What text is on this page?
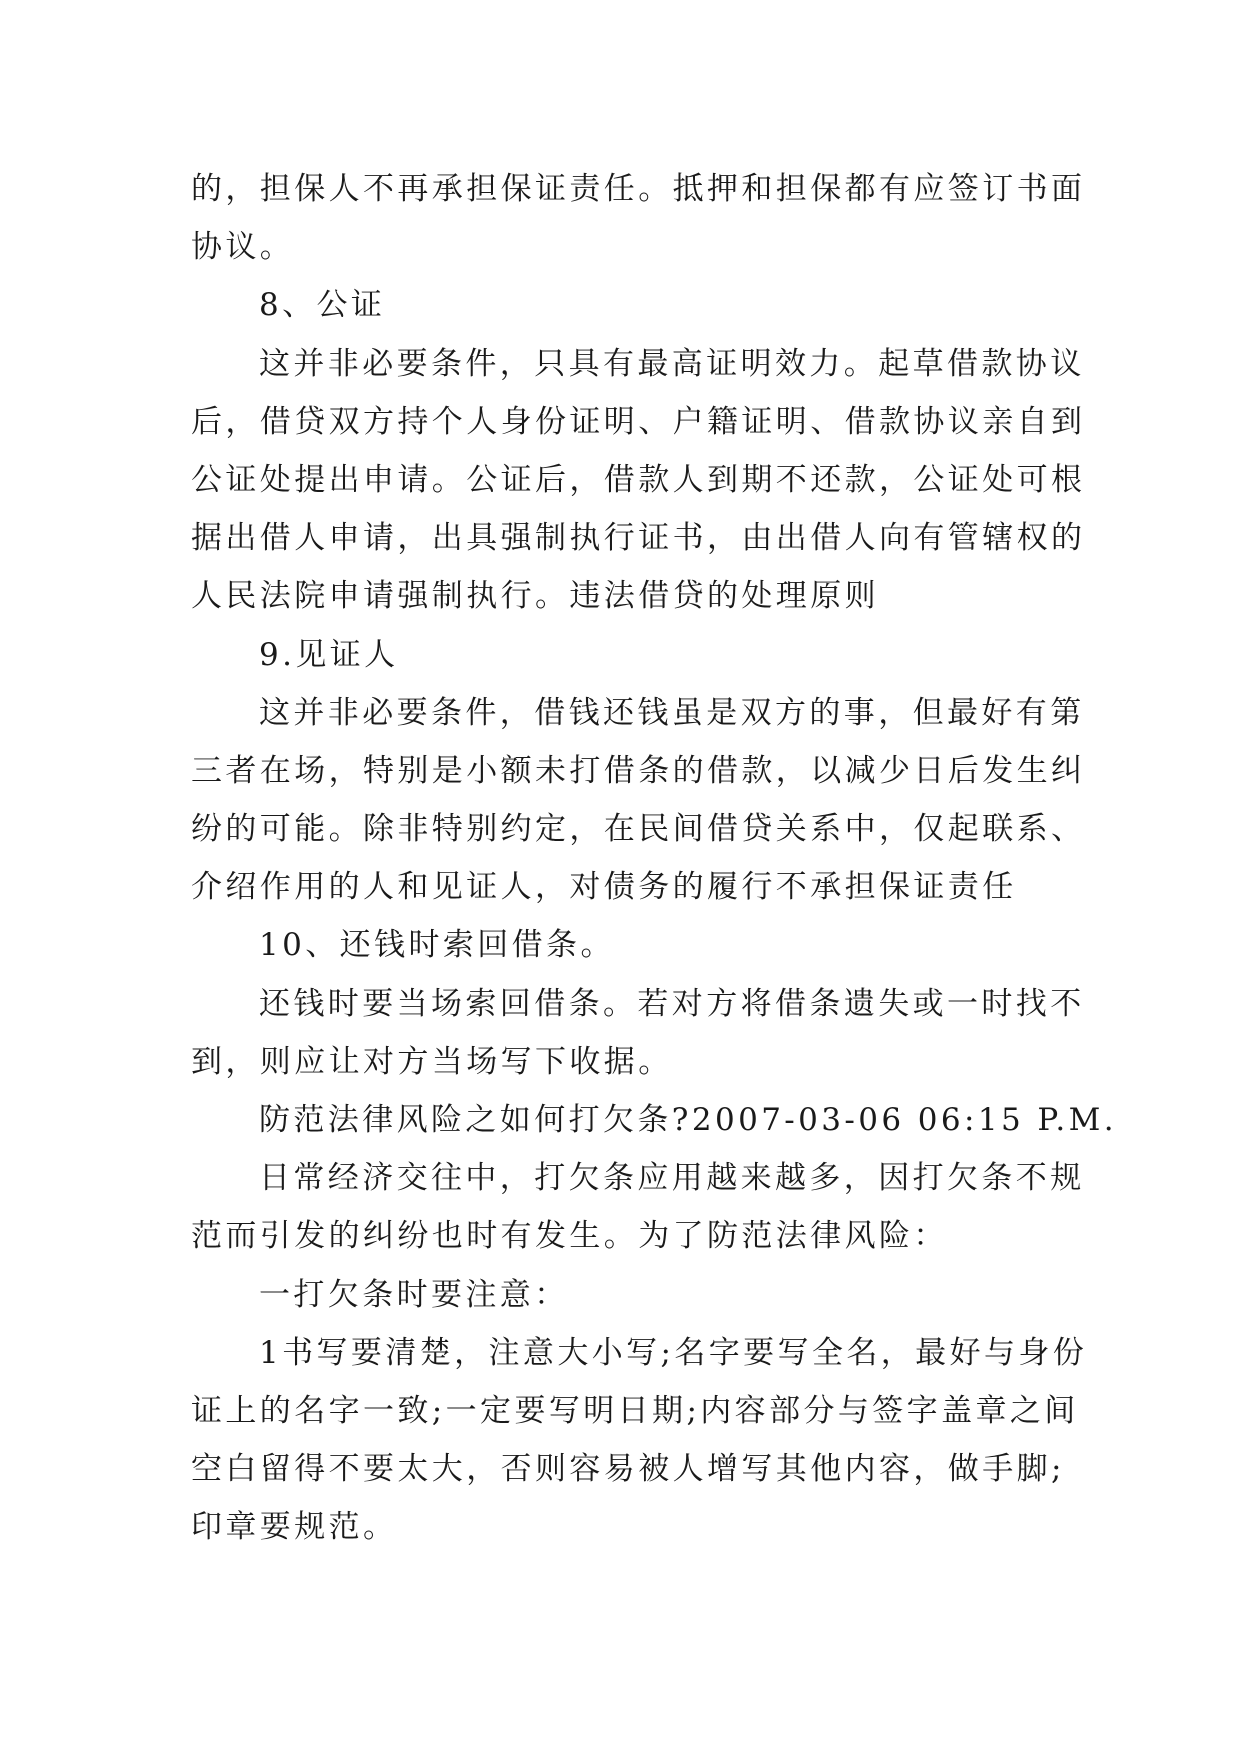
的，担保人不再承担保证责任。抵押和担保都有应签订书面
协议。
8、公证
这并非必要条件，只具有最高证明效力。起草借款协议
后，借贷双方持个人身份证明、户籍证明、借款协议亲自到
公证处提出申请。公证后，借款人到期不还款，公证处可根
据出借人申请，出具强制执行证书，由出借人向有管辖权的
人民法院申请强制执行。违法借贷的处理原则
9.见证人
这并非必要条件，借钱还钱虽是双方的事，但最好有第
三者在场，特别是小额未打借条的借款，以减少日后发生纠
纷的可能。除非特别约定，在民间借贷关系中，仅起联系、
介绍作用的人和见证人，对债务的履行不承担保证责任
10、还钱时索回借条。
还钱时要当场索回借条。若对方将借条遗失或一时找不
到，则应让对方当场写下收据。
防范法律风险之如何打欠条?2007-03-06 06:15 P.M.
日常经济交往中，打欠条应用越来越多，因打欠条不规
范而引发的纠纷也时有发生。为了防范法律风险：
一打欠条时要注意：
1书写要清楚，注意大小写;名字要写全名，最好与身份
证上的名字一致;一定要写明日期;内容部分与签字盖章之间
空白留得不要太大，否则容易被人增写其他内容，做手脚;
印章要规范。
